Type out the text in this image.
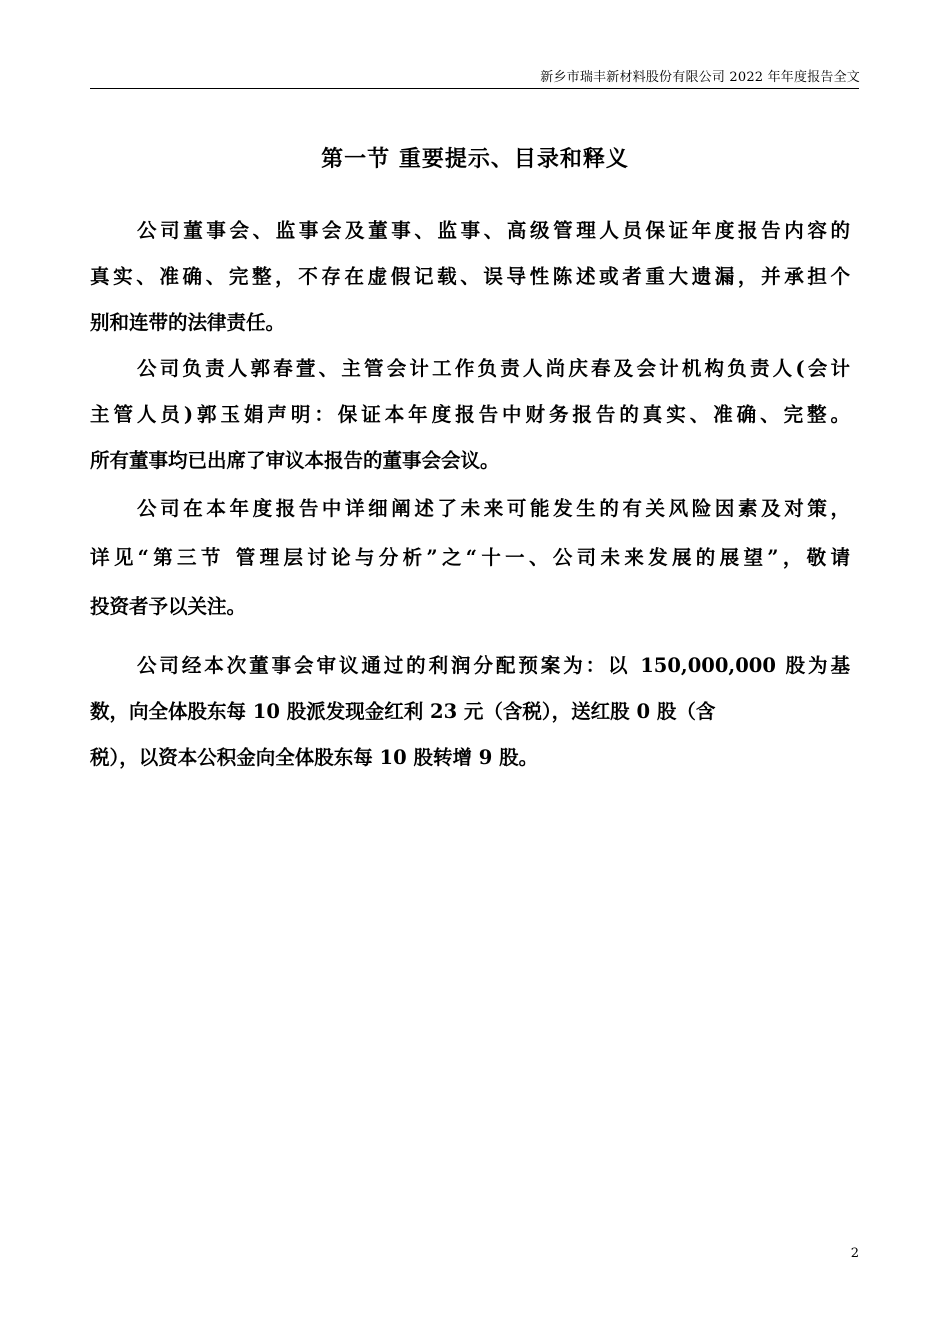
新乡市瑞丰新材料股份有限公司 2022 年年度报告全文
第一节 重要提示、目录和释义
公司董事会、监事会及董事、监事、高级管理人员保证年度报告内容的
真实、准确、完整，不存在虚假记载、误导性陈述或者重大遗漏，并承担个
别和连带的法律责任。
公司负责人郭春萱、主管会计工作负责人尚庆春及会计机构负责人(会计
主管人员)郭玉娟声明：保证本年度报告中财务报告的真实、准确、完整。
所有董事均已出席了审议本报告的董事会会议。
公司在本年度报告中详细阐述了未来可能发生的有关风险因素及对策，
详见“第三节 管理层讨论与分析”之“十一、公司未来发展的展望”，敬请
投资者予以关注。
公司经本次董事会审议通过的利润分配预案为：以 150,000,000 股为基
数，向全体股东每 10 股派发现金红利 23 元（含税），送红股 0 股（含
税），以资本公积金向全体股东每 10 股转增 9 股。
2
